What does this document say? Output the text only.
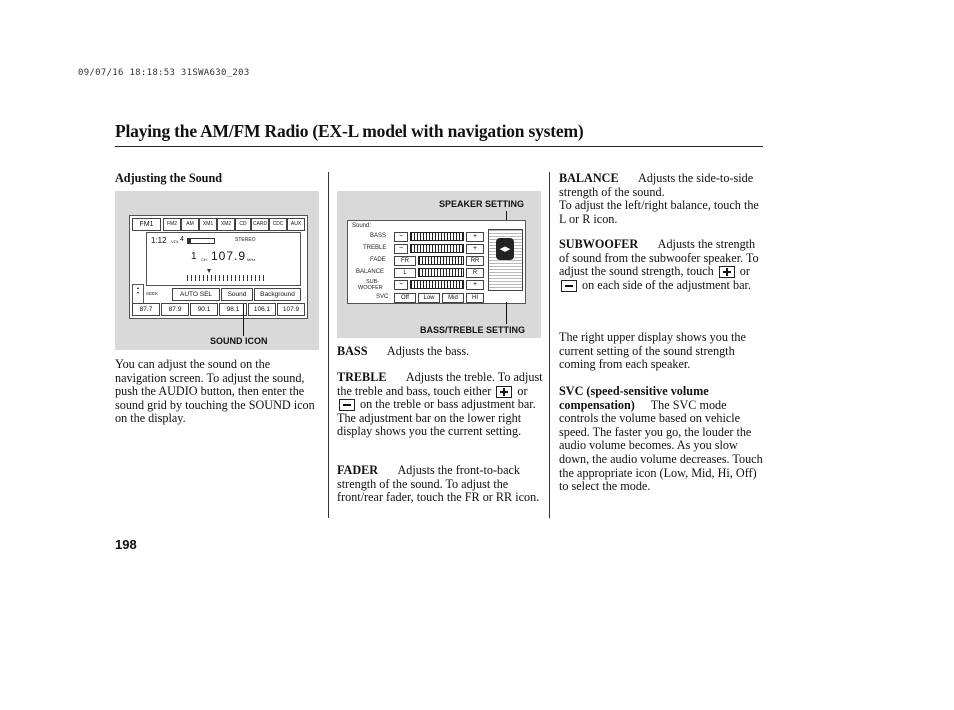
09/07/16 18:18:53 31SWA630_203
Playing the AM/FM Radio (EX-L model with navigation system)
Adjusting the Sound
FM1	FM2	AM	XM1	XM2	CD	CARD	CDC	AUX
1:12 VOL 4	STEREO
1 CH 107.9 MHz
▴
▾	SEEK	AUTO SEL	Sound	Background
87.7	87.9	90.1	98.1	106.1	107.9
SOUND ICON
You can adjust the sound on the navigation screen. To adjust the sound, push the AUDIO button, then enter the sound grid by touching the SOUND icon on the display.
SPEAKER SETTING
Sound:
BASS	−	+
TREBLE	−	+
FADE	FR	RR
BALANCE	L	R
SUB-
WOOFER	−	+
SVC	Off	Low	Mid	HI
◀▶
BASS/TREBLE SETTING
BASS Adjusts the bass.
TREBLE Adjusts the treble. To adjust the treble and bass, touch either or
on the treble or bass adjustment bar. The adjustment bar on the lower right display shows you the current setting.
FADER Adjusts the front-to-back strength of the sound. To adjust the front/rear fader, touch the FR or RR icon.
BALANCE Adjusts the side-to-side strength of the sound.
To adjust the left/right balance, touch the L or R icon.
SUBWOOFER Adjusts the strength of sound from the subwoofer speaker. To adjust the sound strength, touch or

on each side of the adjustment bar.
The right upper display shows you the current setting of the sound strength coming from each speaker.
SVC (speed-sensitive volume compensation) The SVC mode controls the volume based on vehicle speed. The faster you go, the louder the audio volume becomes. As you slow down, the audio volume decreases. Touch the appropriate icon (Low, Mid, Hi, Off) to select the mode.
198
